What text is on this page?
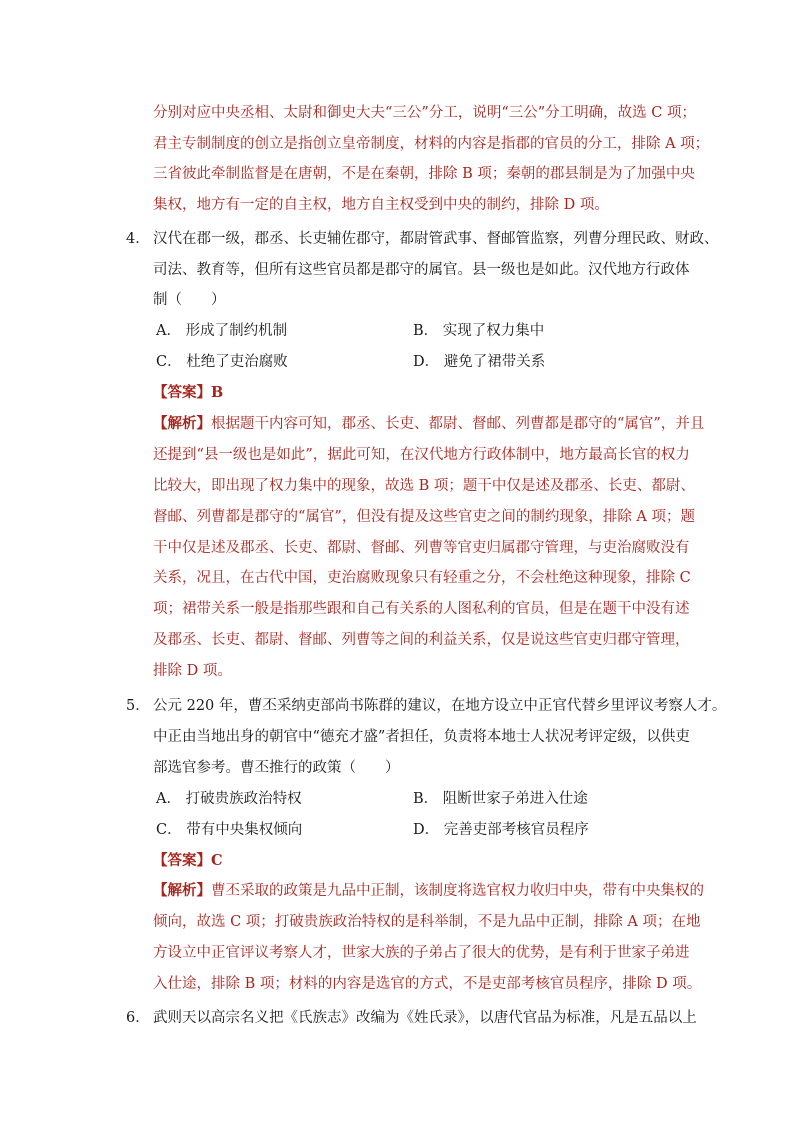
分别对应中央丞相、太尉和御史大夫“三公”分工，说明“三公”分工明确，故选 C 项；
君主专制制度的创立是指创立皇帝制度，材料的内容是指郡的官员的分工，排除 A 项；
三省彼此牵制监督是在唐朝，不是在秦朝，排除 B 项；秦朝的郡县制是为了加强中央
集权，地方有一定的自主权，地方自主权受到中央的制约，排除 D 项。
4． 汉代在郡一级，郡丞、长吏辅佐郡守，都尉管武事、督邮管监察，列曹分理民政、财政、
司法、教育等，但所有这些官员都是郡守的属官。县一级也是如此。汉代地方行政体
制（　　）
A． 形成了制约机制	B． 实现了权力集中
C． 杜绝了吏治腐败	D． 避免了裙带关系
【答案】B
【解析】根据题干内容可知，郡丞、长吏、都尉、督邮、列曹都是郡守的“属官”，并且
还提到“县一级也是如此”，据此可知，在汉代地方行政体制中，地方最高长官的权力
比较大，即出现了权力集中的现象，故选 B 项；题干中仅是述及郡丞、长吏、都尉、
督邮、列曹都是郡守的“属官”，但没有提及这些官吏之间的制约现象，排除 A 项；题
干中仅是述及郡丞、长吏、都尉、督邮、列曹等官吏归属郡守管理，与吏治腐败没有
关系，况且，在古代中国，吏治腐败现象只有轻重之分，不会杜绝这种现象，排除 C
项；裙带关系一般是指那些跟和自己有关系的人图私利的官员，但是在题干中没有述
及郡丞、长吏、都尉、督邮、列曹等之间的利益关系，仅是说这些官吏归郡守管理，
排除 D 项。
5． 公元 220 年，曹丕采纳吏部尚书陈群的建议，在地方设立中正官代替乡里评议考察人才。
中正由当地出身的朝官中“德充才盛”者担任，负责将本地士人状况考评定级，以供吏
部选官参考。曹丕推行的政策（　　）
A． 打破贵族政治特权	B． 阻断世家子弟进入仕途
C． 带有中央集权倾向	D． 完善吏部考核官员程序
【答案】C
【解析】曹丕采取的政策是九品中正制，该制度将选官权力收归中央，带有中央集权的
倾向，故选 C 项；打破贵族政治特权的是科举制，不是九品中正制，排除 A 项；在地
方设立中正官评议考察人才，世家大族的子弟占了很大的优势，是有利于世家子弟进
入仕途，排除 B 项；材料的内容是选官的方式，不是吏部考核官员程序，排除 D 项。
6． 武则天以高宗名义把《氏族志》改编为《姓氏录》，以唐代官品为标准，凡是五品以上
